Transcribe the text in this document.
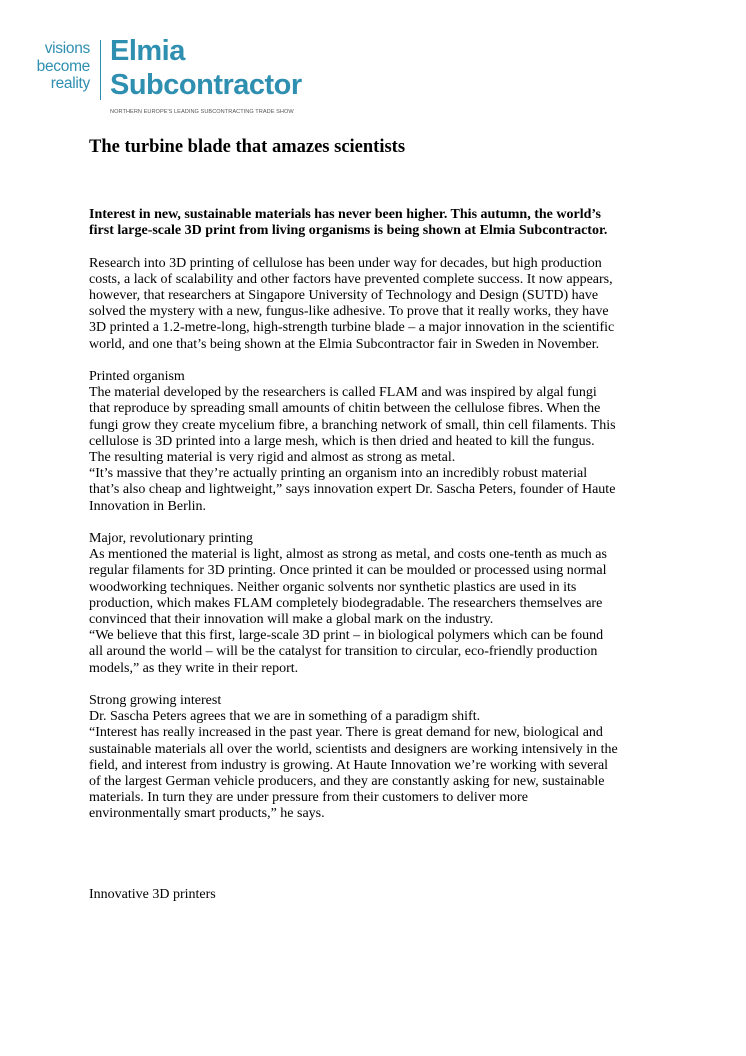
visions
become
reality
Elmia
Subcontractor
NORTHERN EUROPE'S LEADING SUBCONTRACTING TRADE SHOW
The turbine blade that amazes scientists

Interest in new, sustainable materials has never been higher. This autumn, the world’s
first large-scale 3D print from living organisms is being shown at Elmia Subcontractor.

Research into 3D printing of cellulose has been under way for decades, but high production
costs, a lack of scalability and other factors have prevented complete success. It now appears,
however, that researchers at Singapore University of Technology and Design (SUTD) have
solved the mystery with a new, fungus-like adhesive. To prove that it really works, they have
3D printed a 1.2-metre-long, high-strength turbine blade – a major innovation in the scientific
world, and one that’s being shown at the Elmia Subcontractor fair in Sweden in November.

Printed organism
The material developed by the researchers is called FLAM and was inspired by algal fungi
that reproduce by spreading small amounts of chitin between the cellulose fibres. When the
fungi grow they create mycelium fibre, a branching network of small, thin cell filaments. This
cellulose is 3D printed into a large mesh, which is then dried and heated to kill the fungus.
The resulting material is very rigid and almost as strong as metal.
“It’s massive that they’re actually printing an organism into an incredibly robust material
that’s also cheap and lightweight,” says innovation expert Dr. Sascha Peters, founder of Haute
Innovation in Berlin.

Major, revolutionary printing
As mentioned the material is light, almost as strong as metal, and costs one-tenth as much as
regular filaments for 3D printing. Once printed it can be moulded or processed using normal
woodworking techniques. Neither organic solvents nor synthetic plastics are used in its
production, which makes FLAM completely biodegradable. The researchers themselves are
convinced that their innovation will make a global mark on the industry.
“We believe that this first, large-scale 3D print – in biological polymers which can be found
all around the world – will be the catalyst for transition to circular, eco-friendly production
models,” as they write in their report.

Strong growing interest
Dr. Sascha Peters agrees that we are in something of a paradigm shift.
“Interest has really increased in the past year. There is great demand for new, biological and
sustainable materials all over the world, scientists and designers are working intensively in the
field, and interest from industry is growing. At Haute Innovation we’re working with several
of the largest German vehicle producers, and they are constantly asking for new, sustainable
materials. In turn they are under pressure from their customers to deliver more
environmentally smart products,” he says.

Innovative 3D printers
